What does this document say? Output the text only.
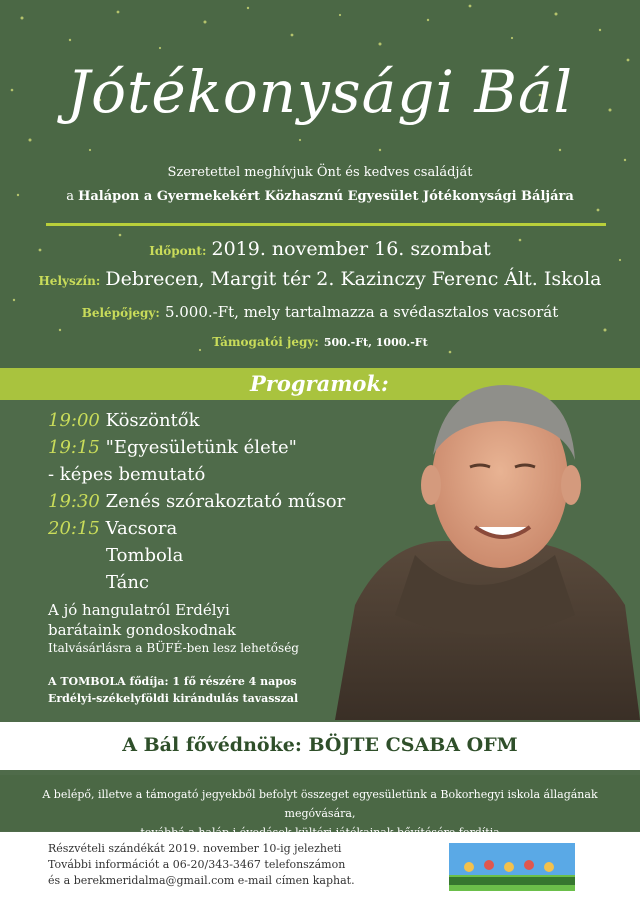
Jótékonysági Bál
Szeretettel meghívjuk Önt és kedves családját
a Halápon a Gyermekekért Közhasznú Egyesület Jótékonysági Báljára
Időpont: 2019. november 16. szombat
Helyszín: Debrecen, Margit tér 2. Kazinczy Ferenc Ált. Iskola
Belépőjegy: 5.000.-Ft, mely tartalmazza a svédasztalos vacsorát
Támogatói jegy: 500.-Ft, 1000.-Ft
Programok:
19:00 Köszöntők
19:15 "Egyesületünk élete"
- képes bemutató
19:30 Zenés szórakoztató műsor
20:15 Vacsora
Tombola
Tánc
A jó hangulatról Erdélyi
barátaink gondoskodnak
Italvásárlásra a BÜFÉ-ben lesz lehetőség
A TOMBOLA fődíja: 1 fő részére 4 napos
Erdélyi-székelyföldi kirándulás tavasszal
A Bál fővédnöke: BÖJTE CSABA OFM
A belépő, illetve a támogató jegyekből befolyt összeget egyesületünk a Bokorhegyi iskola állagának megóvására,
Részvételi szándékát 2019. november 10-ig jelezheti
További információt a 06-20/343-3467 telefonszámon
és a berekmeridalma@gmail.com e-mail címen kaphat.
